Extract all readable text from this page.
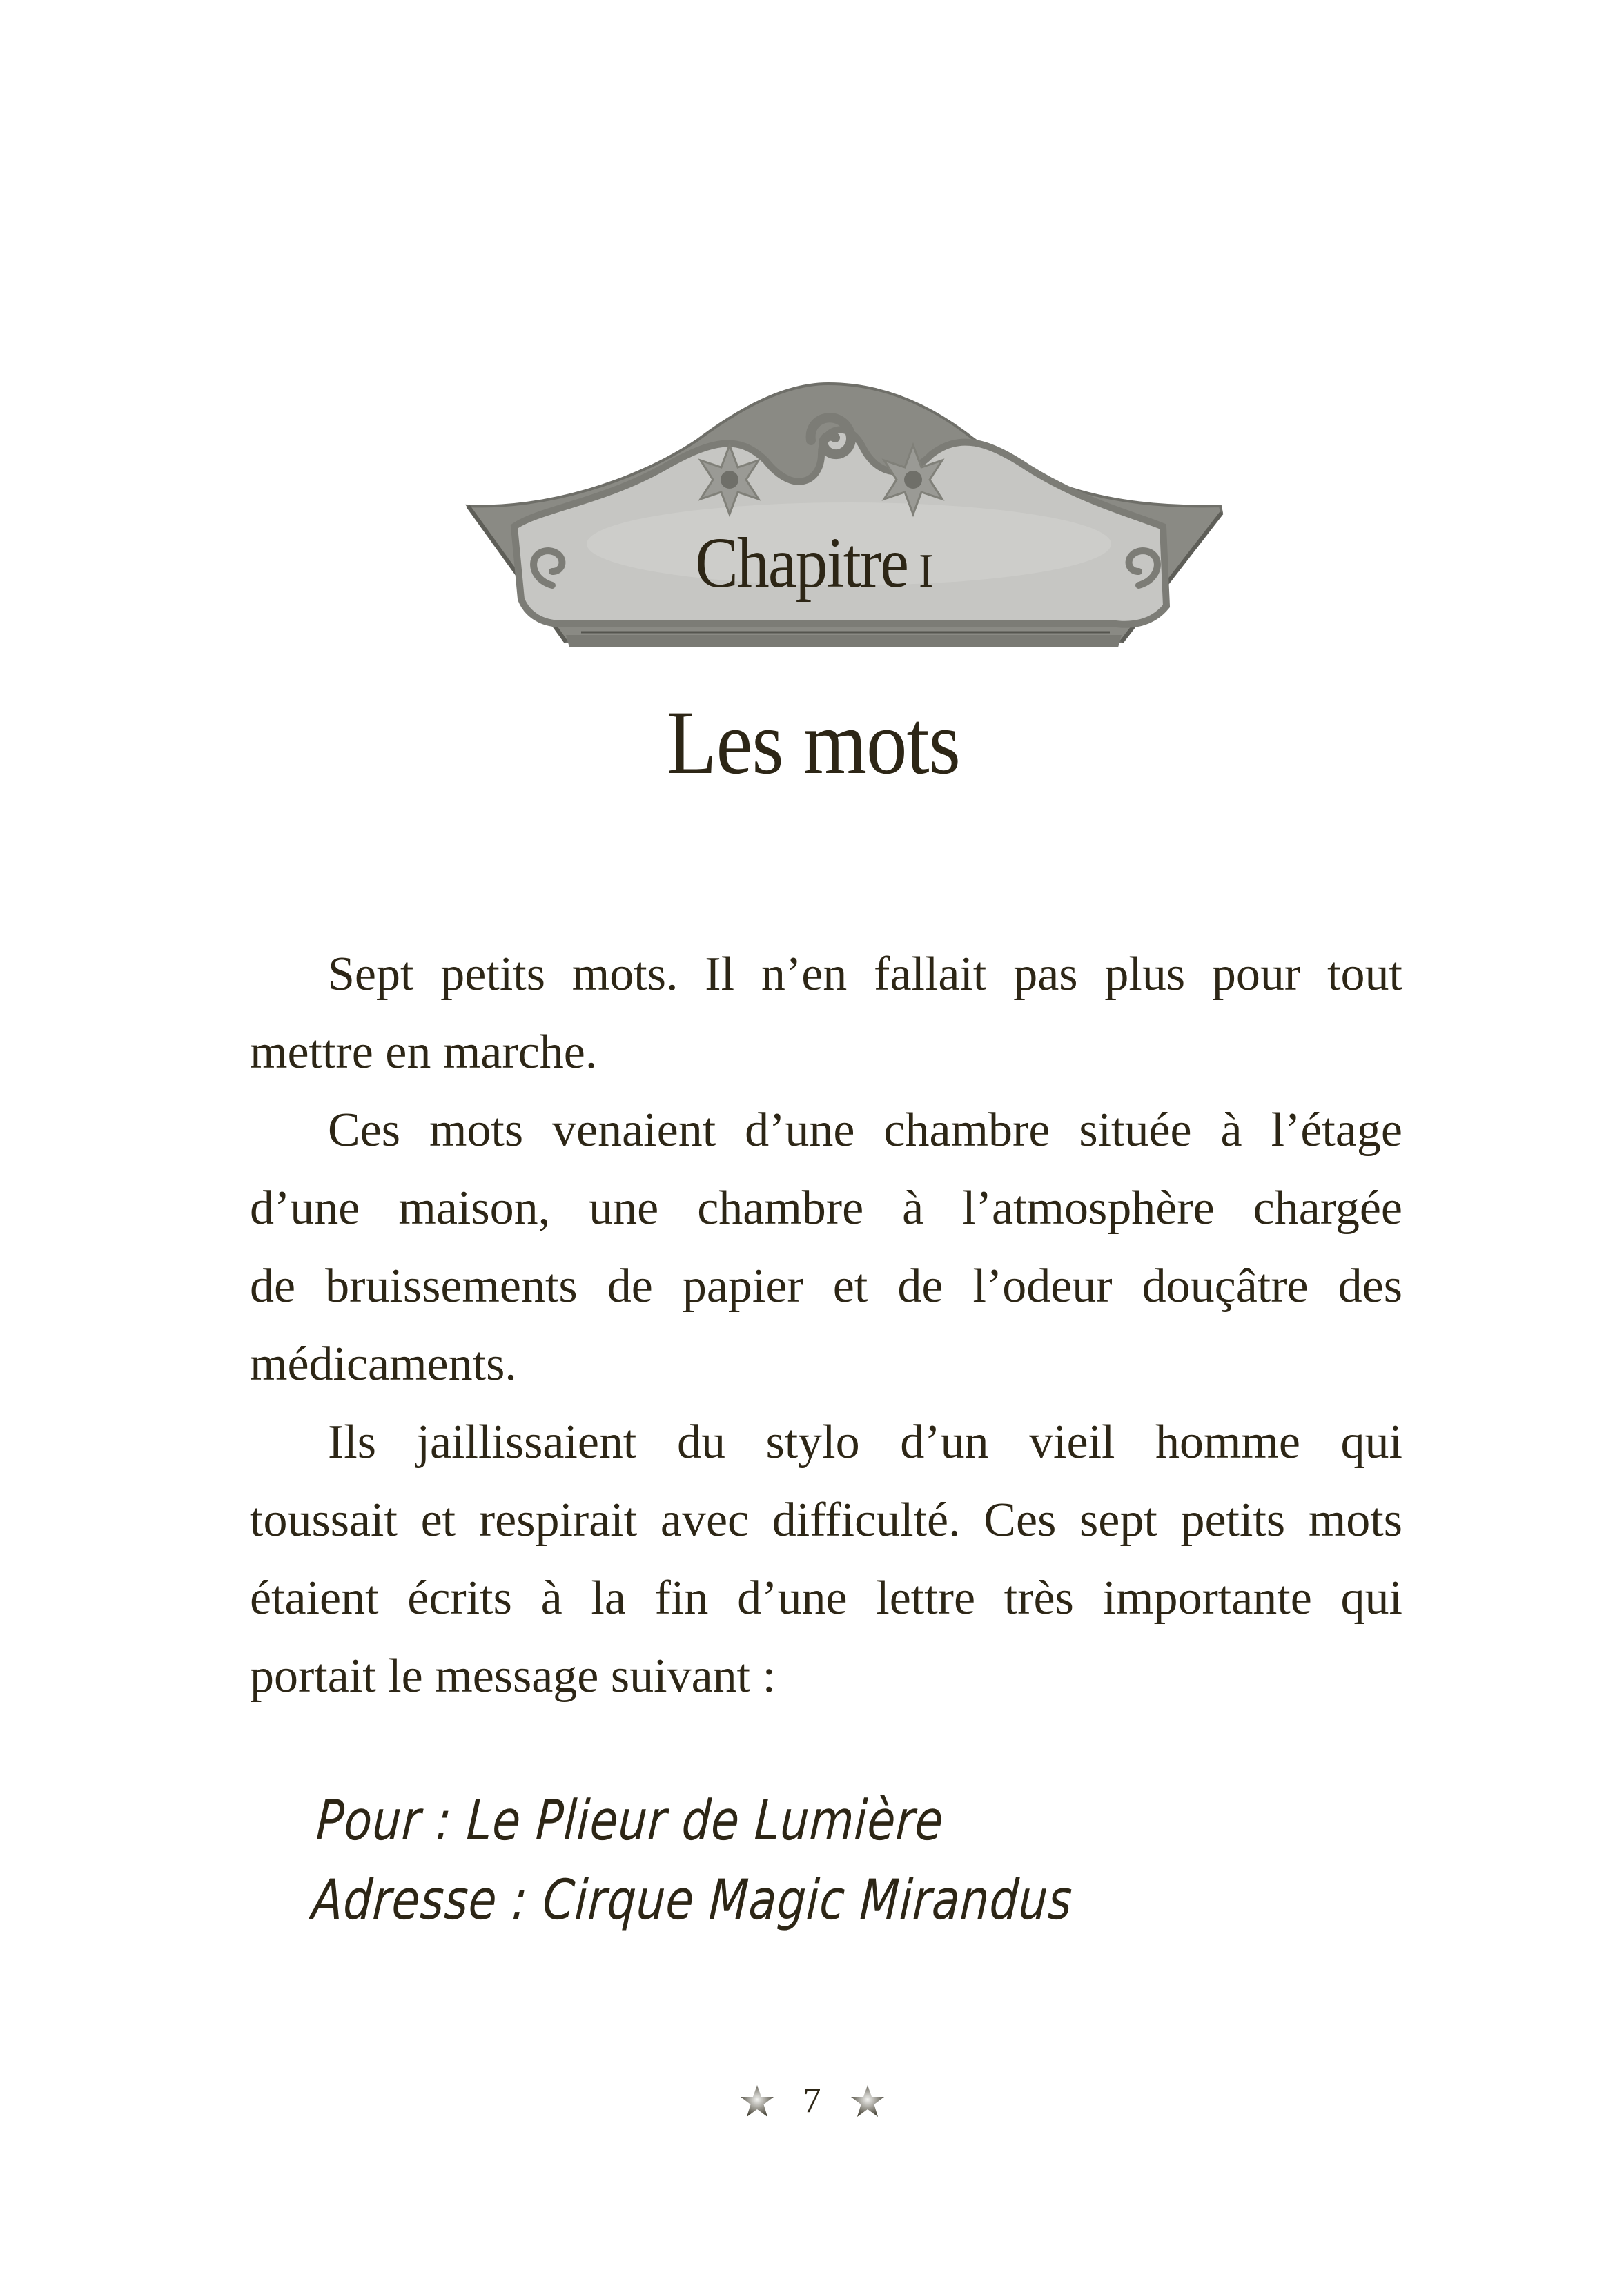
Chapitre I
Les mots
Sept petits mots. Il n’en fallait pas plus pour tout
mettre en marche.
Ces mots venaient d’une chambre située à l’étage
d’une maison, une chambre à l’atmosphère chargée
de bruissements de papier et de l’odeur douçâtre des
médicaments.
Ils jaillissaient du stylo d’un vieil homme qui
toussait et respirait avec difficulté. Ces sept petits mots
étaient écrits à la fin d’une lettre très importante qui
portait le message suivant :
Pour : Le Plieur de Lumière
Adresse : Cirque Magic Mirandus
7
